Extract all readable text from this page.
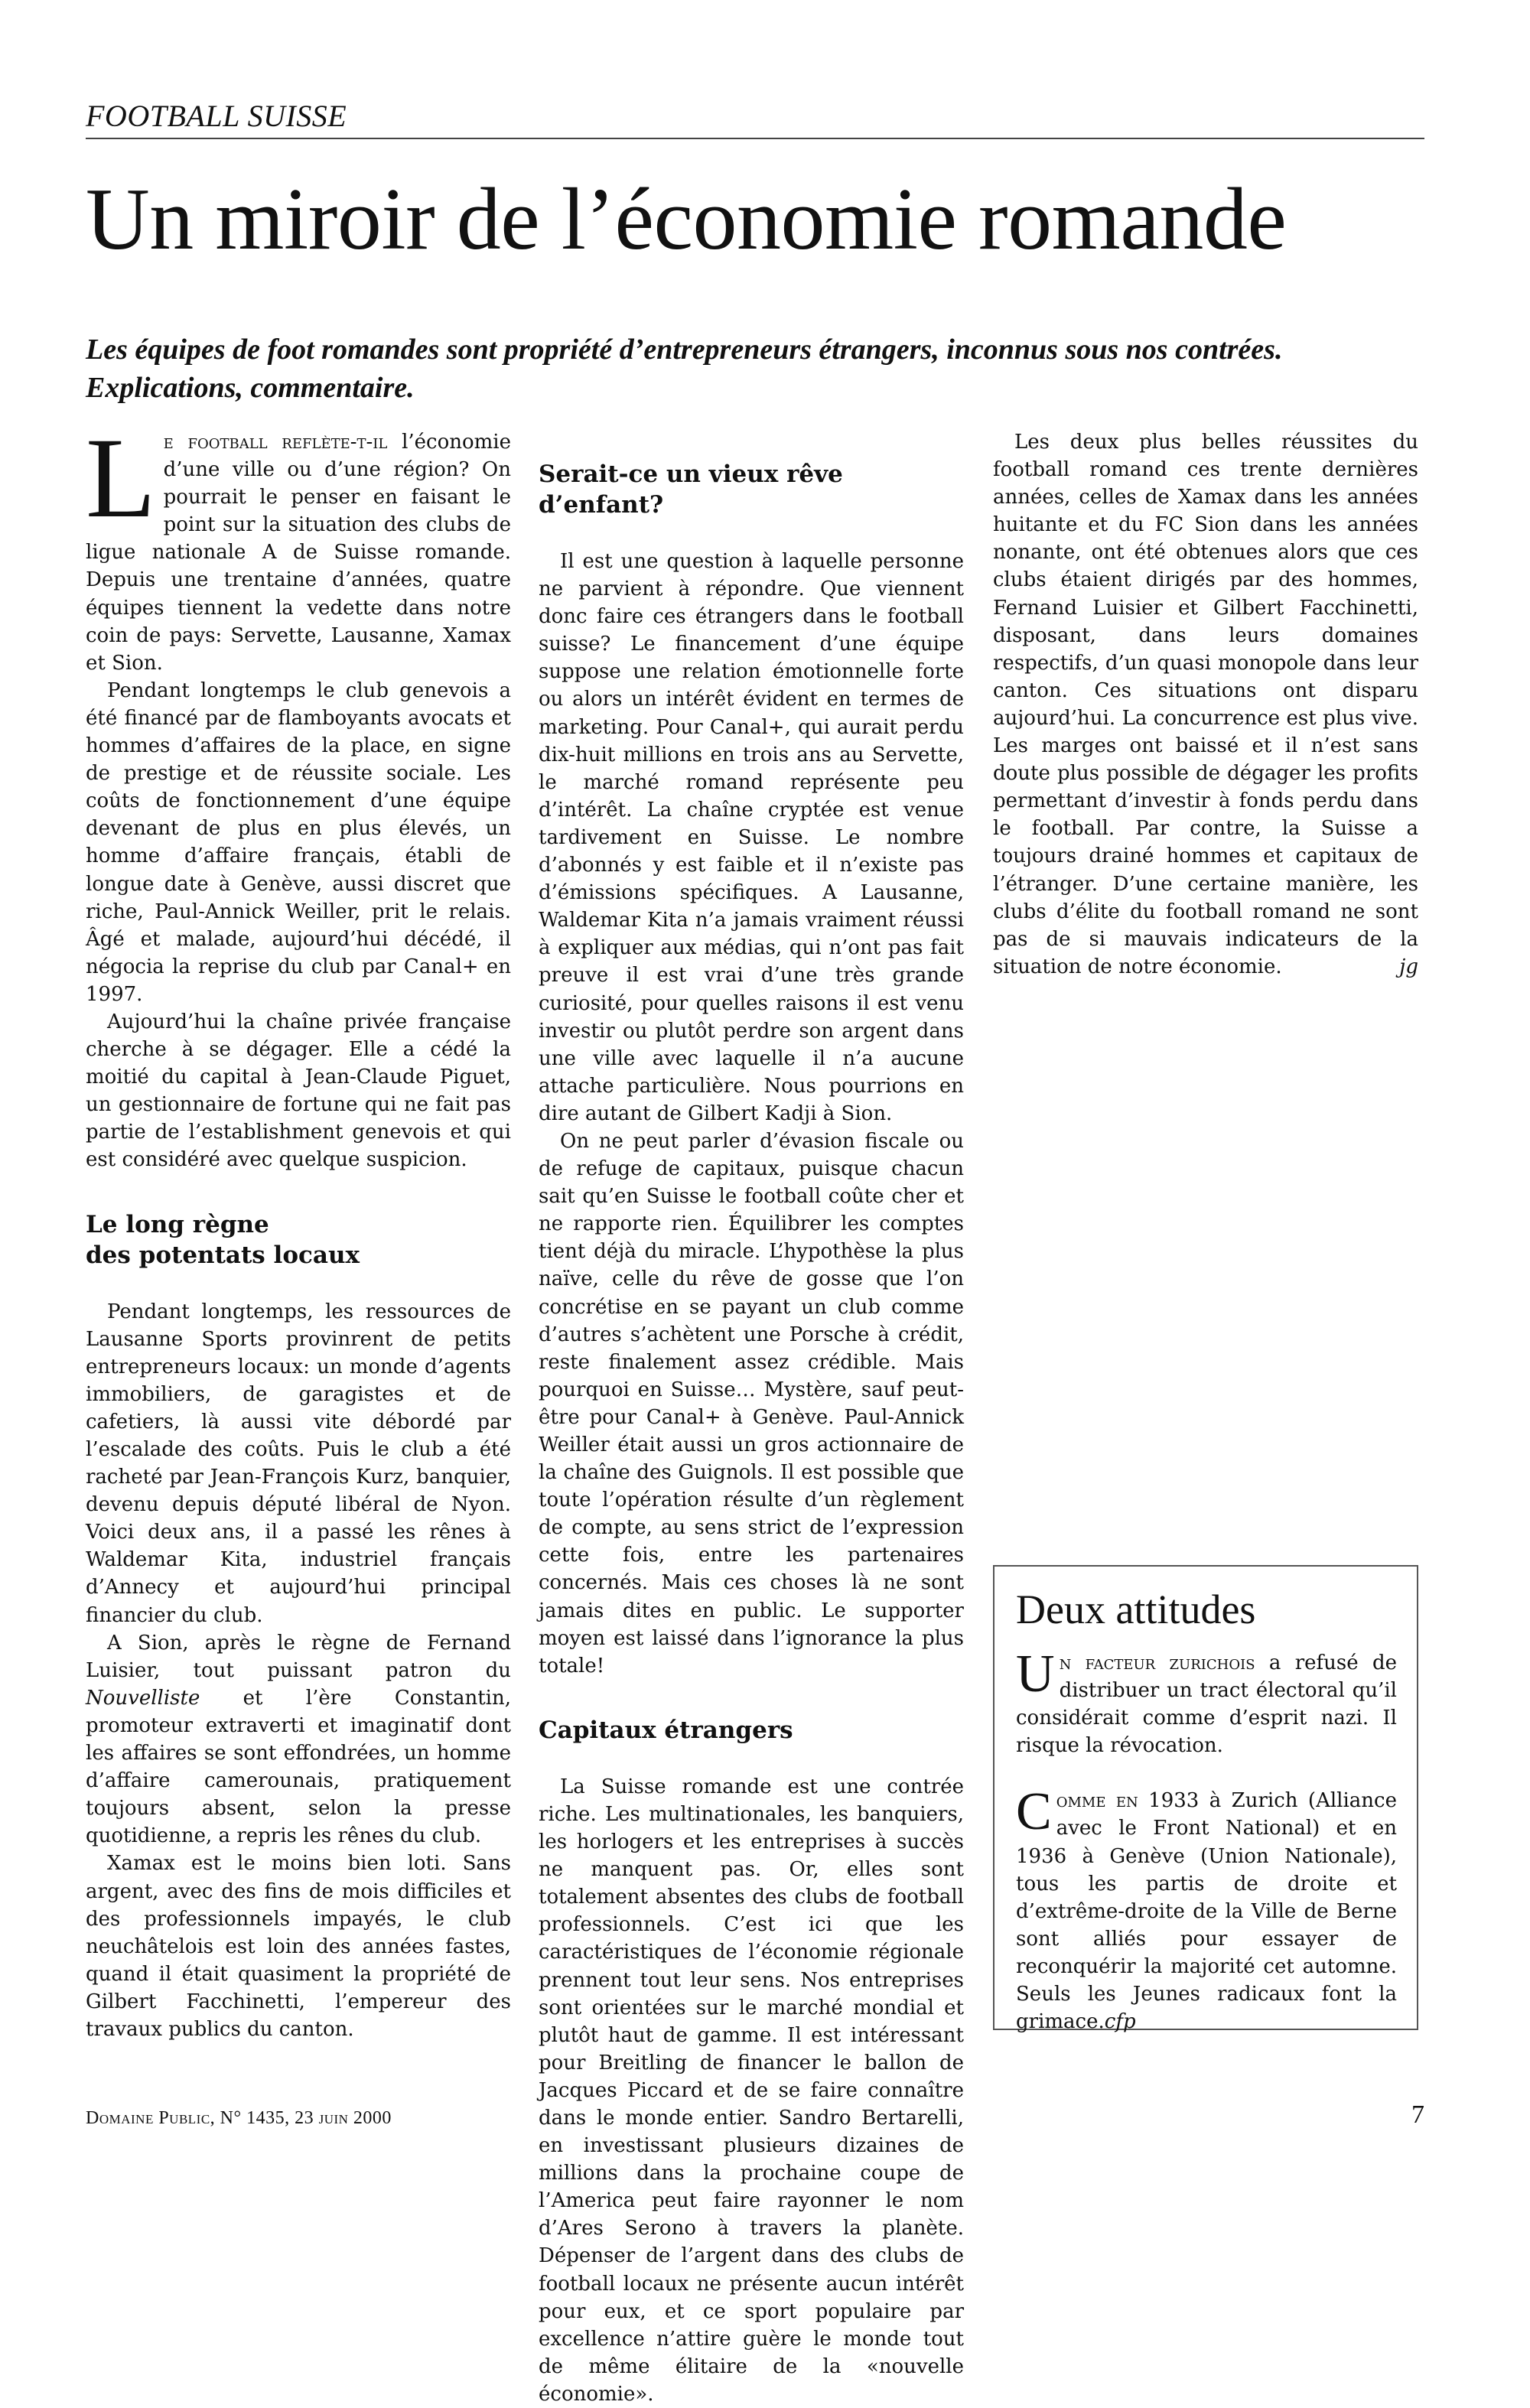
FOOTBALL SUISSE
Un miroir de l’économie romande

Les équipes de foot romandes sont propriété d’entrepreneurs étrangers, inconnus sous nos contrées. Explications, commentaire.

Le football reflète-t-il l’économie d’une ville ou d’une région? On pourrait le penser en faisant le point sur la situation des clubs de ligue nationale A de Suisse romande. Depuis une trentaine d’années, quatre équipes tiennent la vedette dans notre coin de pays: Servette, Lausanne, Xamax et Sion.

Pendant longtemps le club genevois a été financé par de flamboyants avocats et hommes d’affaires de la place, en signe de prestige et de réussite sociale. Les coûts de fonctionnement d’une équipe devenant de plus en plus élevés, un homme d’affaire français, établi de longue date à Genève, aussi discret que riche, Paul-Annick Weiller, prit le relais. Âgé et malade, aujourd’hui décédé, il négocia la reprise du club par Canal+ en 1997.

Aujourd’hui la chaîne privée française cherche à se dégager. Elle a cédé la moitié du capital à Jean-Claude Piguet, un gestionnaire de fortune qui ne fait pas partie de l’establishment genevois et qui est considéré avec quelque suspicion.

Le long règne
des potentats locaux

Pendant longtemps, les ressources de Lausanne Sports provinrent de petits entrepreneurs locaux: un monde d’agents immobiliers, de garagistes et de cafetiers, là aussi vite débordé par l’escalade des coûts. Puis le club a été racheté par Jean-François Kurz, banquier, devenu depuis député libéral de Nyon. Voici deux ans, il a passé les rênes à Waldemar Kita, industriel français d’Annecy et aujourd’hui principal financier du club.

A Sion, après le règne de Fernand Luisier, tout puissant patron du Nouvelliste et l’ère Constantin, promoteur extraverti et imaginatif dont les affaires se sont effondrées, un homme d’affaire camerounais, pratiquement toujours absent, selon la presse quotidienne, a repris les rênes du club.

Xamax est le moins bien loti. Sans argent, avec des fins de mois difficiles et des professionnels impayés, le club neuchâtelois est loin des années fastes, quand il était quasiment la propriété de Gilbert Facchinetti, l’empereur des travaux publics du canton.

Serait-ce un vieux rêve
d’enfant?

Il est une question à laquelle personne ne parvient à répondre. Que viennent donc faire ces étrangers dans le football suisse? Le financement d’une équipe suppose une relation émotionnelle forte ou alors un intérêt évident en termes de marketing. Pour Canal+, qui aurait perdu dix-huit millions en trois ans au Servette, le marché romand représente peu d’intérêt. La chaîne cryptée est venue tardivement en Suisse. Le nombre d’abonnés y est faible et il n’existe pas d’émissions spécifiques. A Lausanne, Waldemar Kita n’a jamais vraiment réussi à expliquer aux médias, qui n’ont pas fait preuve il est vrai d’une très grande curiosité, pour quelles raisons il est venu investir ou plutôt perdre son argent dans une ville avec laquelle il n’a aucune attache particulière. Nous pourrions en dire autant de Gilbert Kadji à Sion.

On ne peut parler d’évasion fiscale ou de refuge de capitaux, puisque chacun sait qu’en Suisse le football coûte cher et ne rapporte rien. Équilibrer les comptes tient déjà du miracle. L’hypothèse la plus naïve, celle du rêve de gosse que l’on concrétise en se payant un club comme d’autres s’achètent une Porsche à crédit, reste finalement assez crédible. Mais pourquoi en Suisse… Mystère, sauf peut-être pour Canal+ à Genève. Paul-Annick Weiller était aussi un gros actionnaire de la chaîne des Guignols. Il est possible que toute l’opération résulte d’un règlement de compte, au sens strict de l’expression cette fois, entre les partenaires concernés. Mais ces choses là ne sont jamais dites en public. Le supporter moyen est laissé dans l’ignorance la plus totale!

Capitaux étrangers

La Suisse romande est une contrée riche. Les multinationales, les banquiers, les horlogers et les entreprises à succès ne manquent pas. Or, elles sont totalement absentes des clubs de football professionnels. C’est ici que les caractéristiques de l’économie régionale prennent tout leur sens. Nos entreprises sont orientées sur le marché mondial et plutôt haut de gamme. Il est intéressant pour Breitling de financer le ballon de Jacques Piccard et de se faire connaître dans le monde entier. Sandro Bertarelli, en investissant plusieurs dizaines de millions dans la prochaine coupe de l’America peut faire rayonner le nom d’Ares Serono à travers la planète. Dépenser de l’argent dans des clubs de football locaux ne présente aucun intérêt pour eux, et ce sport populaire par excellence n’attire guère le monde tout de même élitaire de la «nouvelle économie».

Les deux plus belles réussites du football romand ces trente dernières années, celles de Xamax dans les années huitante et du FC Sion dans les années nonante, ont été obtenues alors que ces clubs étaient dirigés par des hommes, Fernand Luisier et Gilbert Facchinetti, disposant, dans leurs domaines respectifs, d’un quasi monopole dans leur canton. Ces situations ont disparu aujourd’hui. La concurrence est plus vive. Les marges ont baissé et il n’est sans doute plus possible de dégager les profits permettant d’investir à fonds perdu dans le football. Par contre, la Suisse a toujours drainé hommes et capitaux de l’étranger. D’une certaine manière, les clubs d’élite du football romand ne sont pas de si mauvais indicateurs de la situation de notre économie.	jg

Deux attitudes

Un facteur zurichois a refusé de distribuer un tract électoral qu’il considérait comme d’esprit nazi. Il risque la révocation.

Comme en 1933 à Zurich (Alliance avec le Front National) et en 1936 à Genève (Union Nationale), tous les partis de droite et d’extrême-droite de la Ville de Berne sont alliés pour essayer de reconquérir la majorité cet automne. Seuls les Jeunes radicaux font la grimace.cfp

Domaine Public, N° 1435, 23 juin 2000	7
